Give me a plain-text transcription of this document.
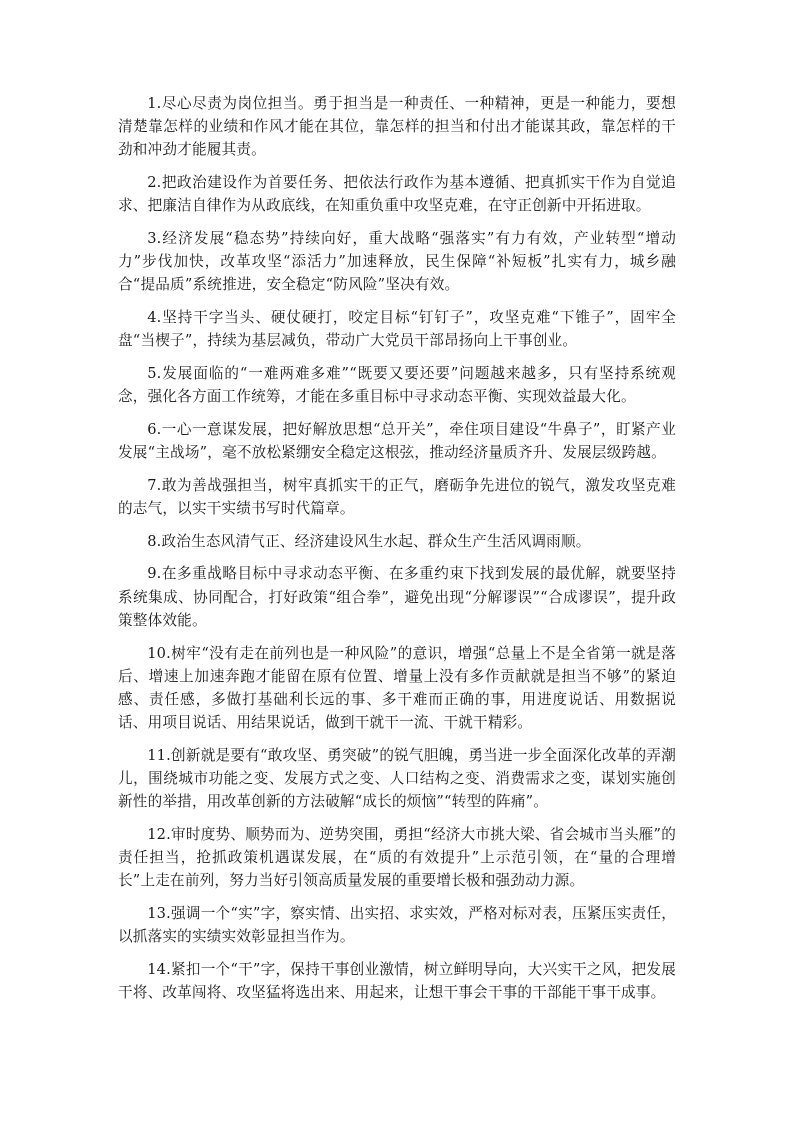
1.尽心尽责为岗位担当。勇于担当是一种责任、一种精神，更是一种能力，要想清楚靠怎样的业绩和作风才能在其位，靠怎样的担当和付出才能谋其政，靠怎样的干劲和冲劲才能履其责。

2.把政治建设作为首要任务、把依法行政作为基本遵循、把真抓实干作为自觉追求、把廉洁自律作为从政底线，在知重负重中攻坚克难，在守正创新中开拓进取。

3.经济发展“稳态势”持续向好，重大战略“强落实”有力有效，产业转型“增动力”步伐加快，改革攻坚“添活力”加速释放，民生保障“补短板”扎实有力，城乡融合“提品质”系统推进，安全稳定“防风险”坚决有效。

4.坚持干字当头、硬仗硬打，咬定目标“钉钉子”，攻坚克难“下锥子”，固牢全盘“当楔子”，持续为基层减负，带动广大党员干部昂扬向上干事创业。

5.发展面临的“一难两难多难”“既要又要还要”问题越来越多，只有坚持系统观念，强化各方面工作统筹，才能在多重目标中寻求动态平衡、实现效益最大化。

6.一心一意谋发展，把好解放思想“总开关”，牵住项目建设“牛鼻子”，盯紧产业发展“主战场”，毫不放松紧绷安全稳定这根弦，推动经济量质齐升、发展层级跨越。

7.敢为善战强担当，树牢真抓实干的正气，磨砺争先进位的锐气，激发攻坚克难的志气，以实干实绩书写时代篇章。

8.政治生态风清气正、经济建设风生水起、群众生产生活风调雨顺。

9.在多重战略目标中寻求动态平衡、在多重约束下找到发展的最优解，就要坚持系统集成、协同配合，打好政策“组合拳”，避免出现“分解谬误”“合成谬误”，提升政策整体效能。

10.树牢“没有走在前列也是一种风险”的意识，增强“总量上不是全省第一就是落后、增速上加速奔跑才能留在原有位置、增量上没有多作贡献就是担当不够”的紧迫感、责任感，多做打基础利长远的事、多干难而正确的事，用进度说话、用数据说话、用项目说话、用结果说话，做到干就干一流、干就干精彩。

11.创新就是要有“敢攻坚、勇突破”的锐气胆魄，勇当进一步全面深化改革的弄潮儿，围绕城市功能之变、发展方式之变、人口结构之变、消费需求之变，谋划实施创新性的举措，用改革创新的方法破解“成长的烦恼”“转型的阵痛”。

12.审时度势、顺势而为、逆势突围，勇担“经济大市挑大梁、省会城市当头雁”的责任担当，抢抓政策机遇谋发展，在“质的有效提升”上示范引领，在“量的合理增长”上走在前列，努力当好引领高质量发展的重要增长极和强劲动力源。

13.强调一个“实”字，察实情、出实招、求实效，严格对标对表，压紧压实责任，以抓落实的实绩实效彰显担当作为。

14.紧扣一个“干”字，保持干事创业激情，树立鲜明导向，大兴实干之风，把发展干将、改革闯将、攻坚猛将选出来、用起来，让想干事会干事的干部能干事干成事。
